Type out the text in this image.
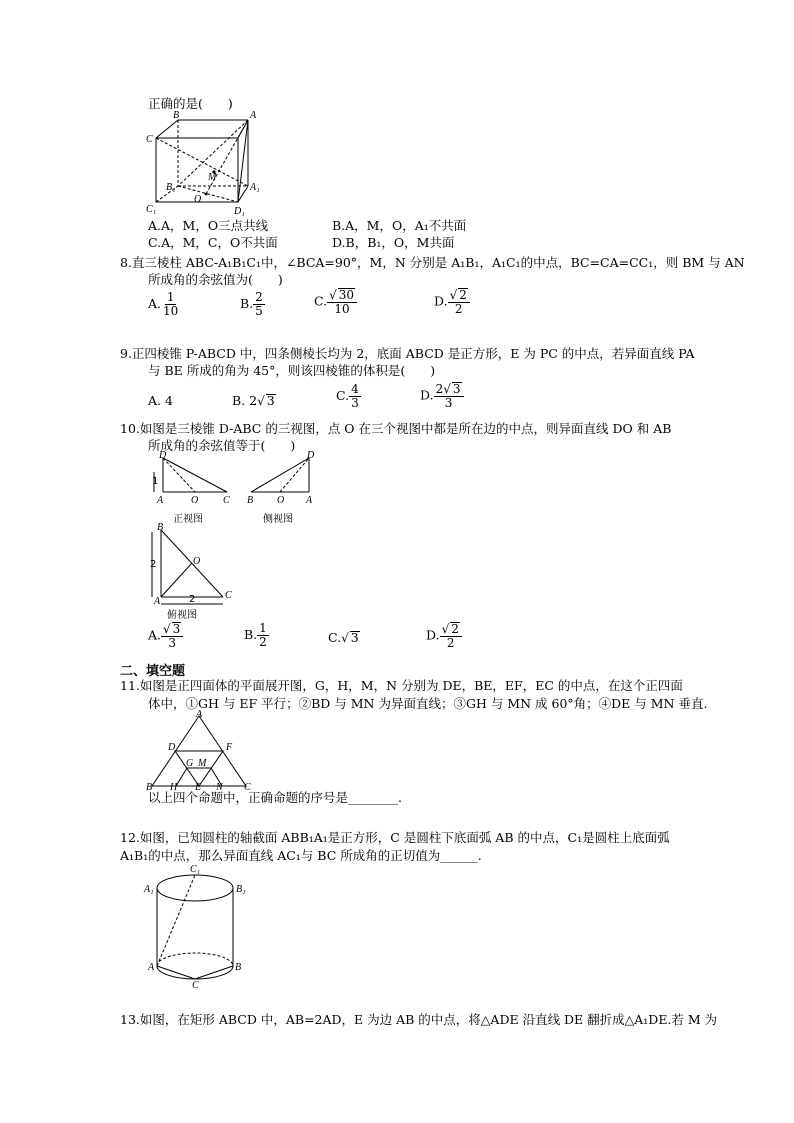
正确的是(　　)
B	A
C
B₁
M
A₁
O
C₁	D₁
A.A，M，O三点共线	B.A，M，O，A₁不共面
C.A，M，C，O不共面	D.B，B₁，O，M共面
8.直三棱柱 ABC-A₁B₁C₁中，∠BCA=90°，M，N 分别是 A₁B₁，A₁C₁的中点，BC=CA=CC₁，则 BM 与 AN
所成角的余弦值为(　　)
A. $\frac{1}{10}$	B. $\frac{2}{5}$	C. $\frac{√ 30}{10}$	D. $\frac{√ 2}{2}$
9.正四棱锥 P-ABCD 中，四条侧棱长均为 2，底面 ABCD 是正方形，E 为 PC 的中点，若异面直线 PA
与 BE 所成的角为 45°，则该四棱锥的体积是(　　)
A. 4	B. 2√ 3	C. $\frac{4}{3}$	D. $\frac{2√ 3}{3}$
10.如图是三棱锥 D-ABC 的三视图，点 O 在三个视图中都是所在边的中点，则异面直线 DO 和 AB
所成角的余弦值等于(　　)
D
A	O C
1
正视图
D
B O A
侧视图
B
O
A
C
2
2
俯视图
A. $\frac{√ 3}{3}$	B. $\frac{1}{2}$	C.√ 3	D. $\frac{√ 2}{2}$
二、填空题
11.如图是正四面体的平面展开图，G，H，M，N 分别为 DE，BE，EF，EC 的中点，在这个正四面
体中，①GH 与 EF 平行；②BD 与 MN 为异面直线；③GH 与 MN 成 60°角；④DE 与 MN 垂直.
A
D	F
G M
B H E N C
以上四个命题中，正确命题的序号是________.
12.如图，已知圆柱的轴截面 ABB₁A₁是正方形，C 是圆柱下底面弧 AB 的中点，C₁是圆柱上底面弧
A₁B₁的中点，那么异面直线 AC₁与 BC 所成角的正切值为______.
C₁
A₁	B₁
A	B
C
13.如图，在矩形 ABCD 中，AB=2AD，E 为边 AB 的中点，将△ADE 沿直线 DE 翻折成△A₁DE.若 M 为
